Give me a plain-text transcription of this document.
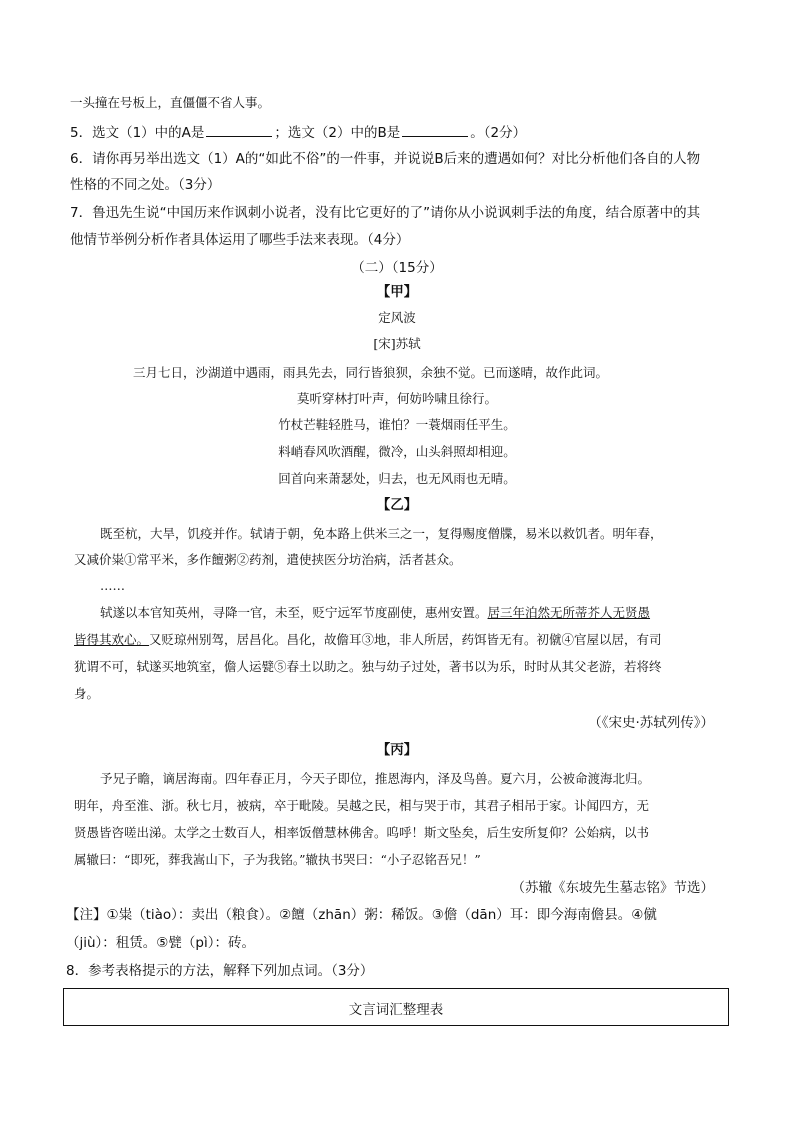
一头撞在号板上，直僵僵不省人事。
5．选文（1）中的A是	；选文（2）中的B是	。（2分）
6．请你再另举出选文（1）A的“如此不俗”的一件事，并说说B后来的遭遇如何？对比分析他们各自的人物
性格的不同之处。（3分）
7．鲁迅先生说“中国历来作讽刺小说者，没有比它更好的了”请你从小说讽刺手法的角度，结合原著中的其
他情节举例分析作者具体运用了哪些手法来表现。（4分）
（二）（15分）
【甲】
定风波
[宋]苏轼
三月七日，沙湖道中遇雨，雨具先去，同行皆狼狈，余独不觉。已而遂晴，故作此词。
莫听穿林打叶声，何妨吟啸且徐行。
竹杖芒鞋轻胜马，谁怕？一蓑烟雨任平生。
料峭春风吹酒醒，微冷，山头斜照却相迎。
回首向来萧瑟处，归去，也无风雨也无晴。
【乙】
既至杭，大旱，饥疫并作。轼请于朝，免本路上供米三之一，复得赐度僧牒，易米以救饥者。明年春，
又减价粜①常平米，多作饘粥②药剂，遣使挟医分坊治病，活者甚众。
……
轼遂以本官知英州，寻降一官，未至，贬宁远军节度副使，惠州安置。居三年泊然无所蒂芥人无贤愚
皆得其欢心。又贬琼州别驾，居昌化。昌化，故儋耳③地，非人所居，药饵皆无有。初僦④官屋以居，有司
犹谓不可，轼遂买地筑室，儋人运甓⑤春土以助之。独与幼子过处，著书以为乐，时时从其父老游，若将终
身。
（《宋史·苏轼列传》）
【丙】
予兄子瞻，谪居海南。四年春正月，今天子即位，推恩海内，泽及鸟兽。夏六月，公被命渡海北归。
明年，舟至淮、浙。秋七月，被病，卒于毗陵。吴越之民，相与哭于市，其君子相吊于家。讣闻四方，无
贤愚皆咨嗟出涕。太学之士数百人，相率饭僧慧林佛舍。呜呼！斯文坠矣，后生安所复仰？公始病，以书
属辙曰：“即死，葬我嵩山下，子为我铭。”辙执书哭曰：“小子忍铭吾兄！”
（苏辙《东坡先生墓志铭》节选）
【注】①粜（tiào）：卖出（粮食）。②饘（zhān）粥：稀饭。③儋（dān）耳：即今海南儋县。④僦
（jiù）：租赁。⑤甓（pì）：砖。
8．参考表格提示的方法，解释下列加点词。（3分）
文言词汇整理表
